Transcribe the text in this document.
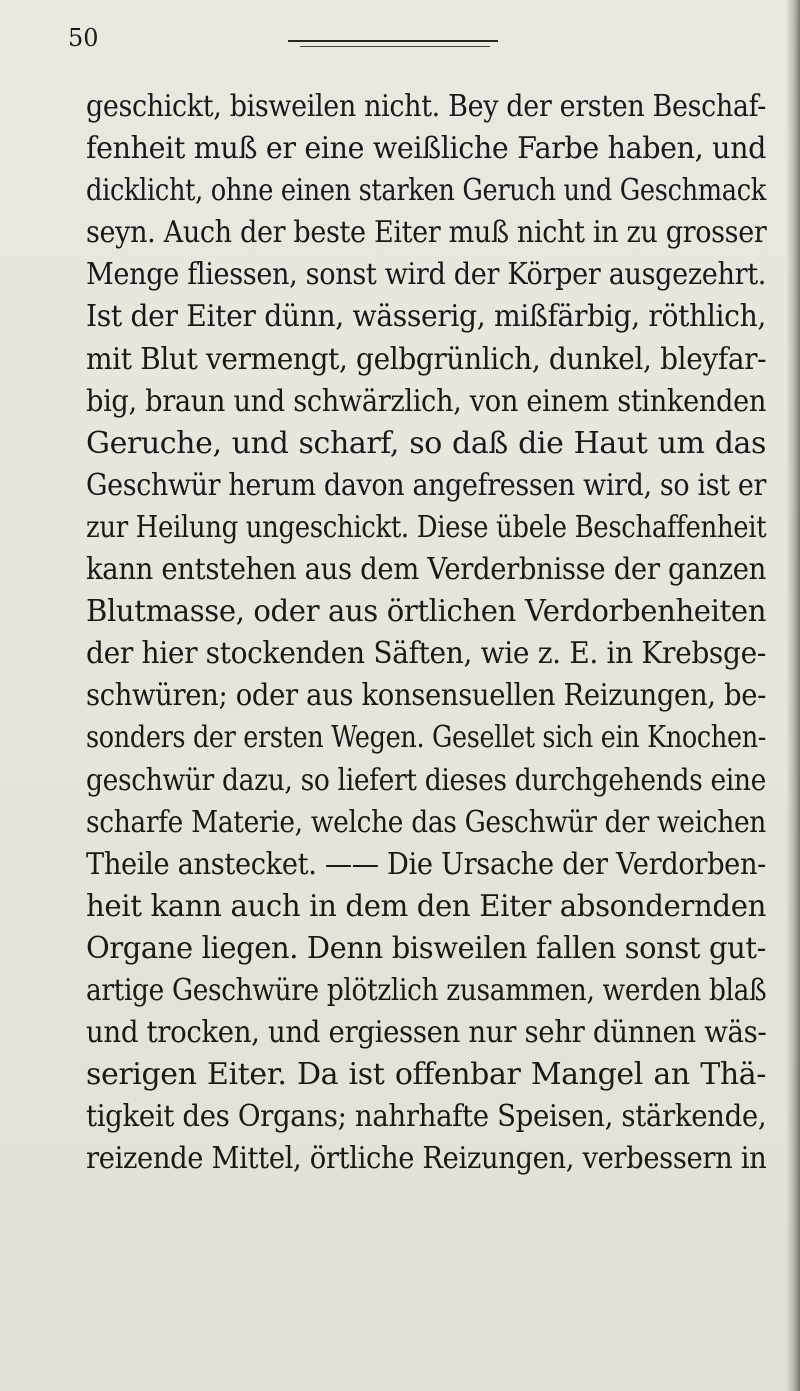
50
geschickt, bisweilen nicht. Bey der ersten Beschaf-
fenheit muß er eine weißliche Farbe haben, und
dicklicht, ohne einen starken Geruch und Geschmack
seyn. Auch der beste Eiter muß nicht in zu grosser
Menge fliessen, sonst wird der Körper ausgezehrt.
Ist der Eiter dünn, wässerig, mißfärbig, röthlich,
mit Blut vermengt, gelbgrünlich, dunkel, bleyfar-
big, braun und schwärzlich, von einem stinkenden
Geruche, und scharf, so daß die Haut um das
Geschwür herum davon angefressen wird, so ist er
zur Heilung ungeschickt. Diese übele Beschaffenheit
kann entstehen aus dem Verderbnisse der ganzen
Blutmasse, oder aus örtlichen Verdorbenheiten
der hier stockenden Säften, wie z. E. in Krebsge-
schwüren; oder aus konsensuellen Reizungen, be-
sonders der ersten Wegen. Gesellet sich ein Knochen-
geschwür dazu, so liefert dieses durchgehends eine
scharfe Materie, welche das Geschwür der weichen
Theile anstecket. —— Die Ursache der Verdorben-
heit kann auch in dem den Eiter absondernden
Organe liegen. Denn bisweilen fallen sonst gut-
artige Geschwüre plötzlich zusammen, werden blaß
und trocken, und ergiessen nur sehr dünnen wäs-
serigen Eiter. Da ist offenbar Mangel an Thä-
tigkeit des Organs; nahrhafte Speisen, stärkende,
reizende Mittel, örtliche Reizungen, verbessern in
